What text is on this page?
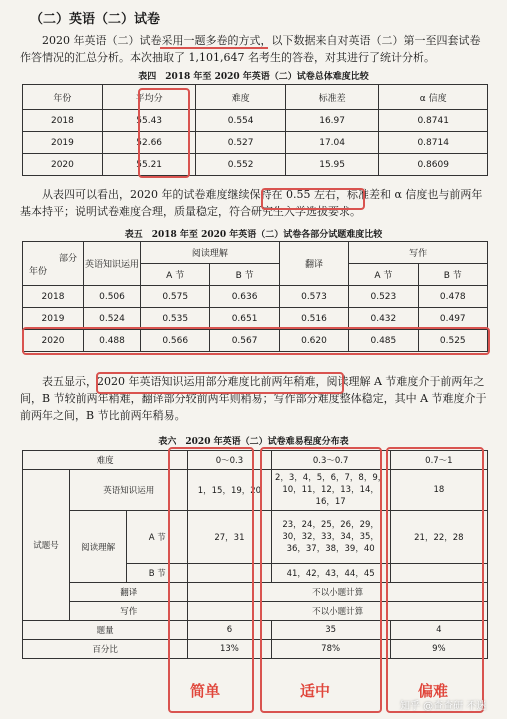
（二）英语（二）试卷
2020 年英语（二）试卷采用一题多卷的方式，以下数据来自对英语（二）第一至四套试卷作答情况的汇总分析。本次抽取了 1,101,647 名考生的答卷，对其进行了统计分析。
表四　2018 年至 2020 年英语（二）试卷总体难度比较
年份	平均分	难度	标准差	α 信度
2018	55.43	0.554	16.97	0.8741
2019	52.66	0.527	17.04	0.8714
2020	55.21	0.552	15.95	0.8609
从表四可以看出，2020 年的试卷难度继续保持在 0.55 左右，标准差和 α 信度也与前两年基本持平；说明试卷难度合理，质量稳定，符合研究生入学选拔要求。
表五　2018 年至 2020 年英语（二）试卷各部分试题难度比较
部分
年份	英语知识运用	阅读理解		翻译	写作	
		A 节	B 节		A 节	B 节
2018	0.506	0.575	0.636	0.573	0.523	0.478
2019	0.524	0.535	0.651	0.516	0.432	0.497
2020	0.488	0.566	0.567	0.620	0.485	0.525
表五显示，2020 年英语知识运用部分难度比前两年稍难，阅读理解 A 节难度介于前两年之间，B 节较前两年稍难，翻译部分较前两年则稍易；写作部分难度整体稳定，其中 A 节难度介于前两年之间，B 节比前两年稍易。
表六　2020 年英语（二）试卷难易程度分布表
难度			0～0.3	0.3～0.7	0.7～1
试题号	英语知识运用		1，15，19，20	2，3，4，5，6，7，8，9，10，11，12，13，14，16，17	18
	阅读理解	A 节	27，31	23，24，25，26，29，30，32，33，34，35，36，37，38，39，40	21，22，28
		B 节		41，42，43，44，45	
	翻译		不以小题计算		
	写作		不以小题计算		
题量			6	35	4
百分比			13%	78%	9%
简单	适中	偏难
知乎 @查查研 不迷
